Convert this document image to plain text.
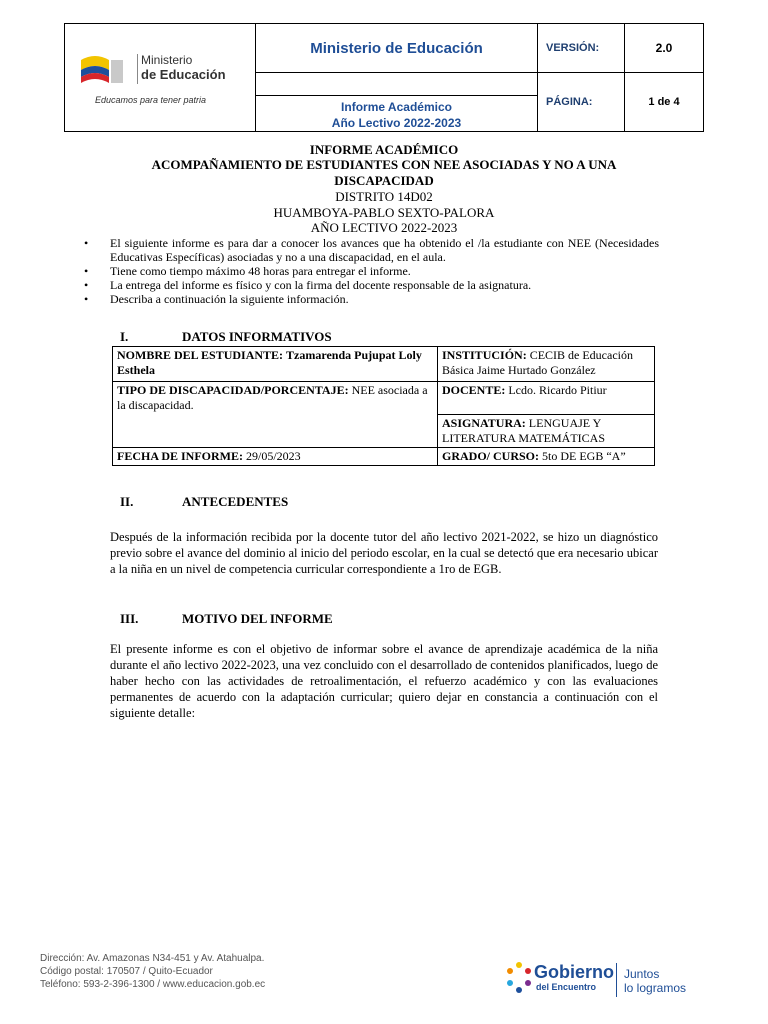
Ministerio
de Educación
Educamos para tener patria	Ministerio de Educación	VERSIÓN:	2.0

	Informe Académico
Año Lectivo 2022-2023	PÁGINA:	1 de 4
INFORME ACADÉMICO
ACOMPAÑAMIENTO DE ESTUDIANTES CON NEE ASOCIADAS Y NO A UNA
DISCAPACIDAD
DISTRITO 14D02
HUAMBOYA-PABLO SEXTO-PALORA
AÑO LECTIVO 2022-2023
• El siguiente informe es para dar a conocer los avances que ha obtenido el /la estudiante con NEE (Necesidades Educativas Específicas) asociadas y no a una discapacidad, en el aula.
• Tiene como tiempo máximo 48 horas para entregar el informe.
• La entrega del informe es físico y con la firma del docente responsable de la asignatura.
• Describa a continuación la siguiente información.
I.	DATOS INFORMATIVOS
NOMBRE DEL ESTUDIANTE: Tzamarenda Pujupat Loly Esthela	INSTITUCIÓN: CECIB de Educación Básica Jaime Hurtado González
TIPO DE DISCAPACIDAD/PORCENTAJE: NEE asociada a la discapacidad.	DOCENTE: Lcdo. Ricardo Pitiur
	ASIGNATURA: LENGUAJE Y LITERATURA MATEMÁTICAS
FECHA DE INFORME: 29/05/2023	GRADO/ CURSO: 5to DE EGB “A”
II.	ANTECEDENTES

Después de la información recibida por la docente tutor del año lectivo 2021-2022, se hizo un diagnóstico previo sobre el avance del dominio al inicio del periodo escolar, en la cual se detectó que era necesario ubicar a la niña en un nivel de competencia curricular correspondiente a 1ro de EGB.

III.	MOTIVO DEL INFORME

El presente informe es con el objetivo de informar sobre el avance de aprendizaje académica de la niña durante el año lectivo 2022-2023, una vez concluido con el desarrollado de contenidos planificados, luego de haber hecho con las actividades de retroalimentación, el refuerzo académico y con las evaluaciones permanentes de acuerdo con la adaptación curricular; quiero dejar en constancia a continuación con el siguiente detalle:

Dirección: Av. Amazonas N34-451 y Av. Atahualpa.
Código postal: 170507 / Quito-Ecuador
Teléfono: 593-2-396-1300 / www.educacion.gob.ec
Gobierno
del Encuentro
Juntos
lo logramos
